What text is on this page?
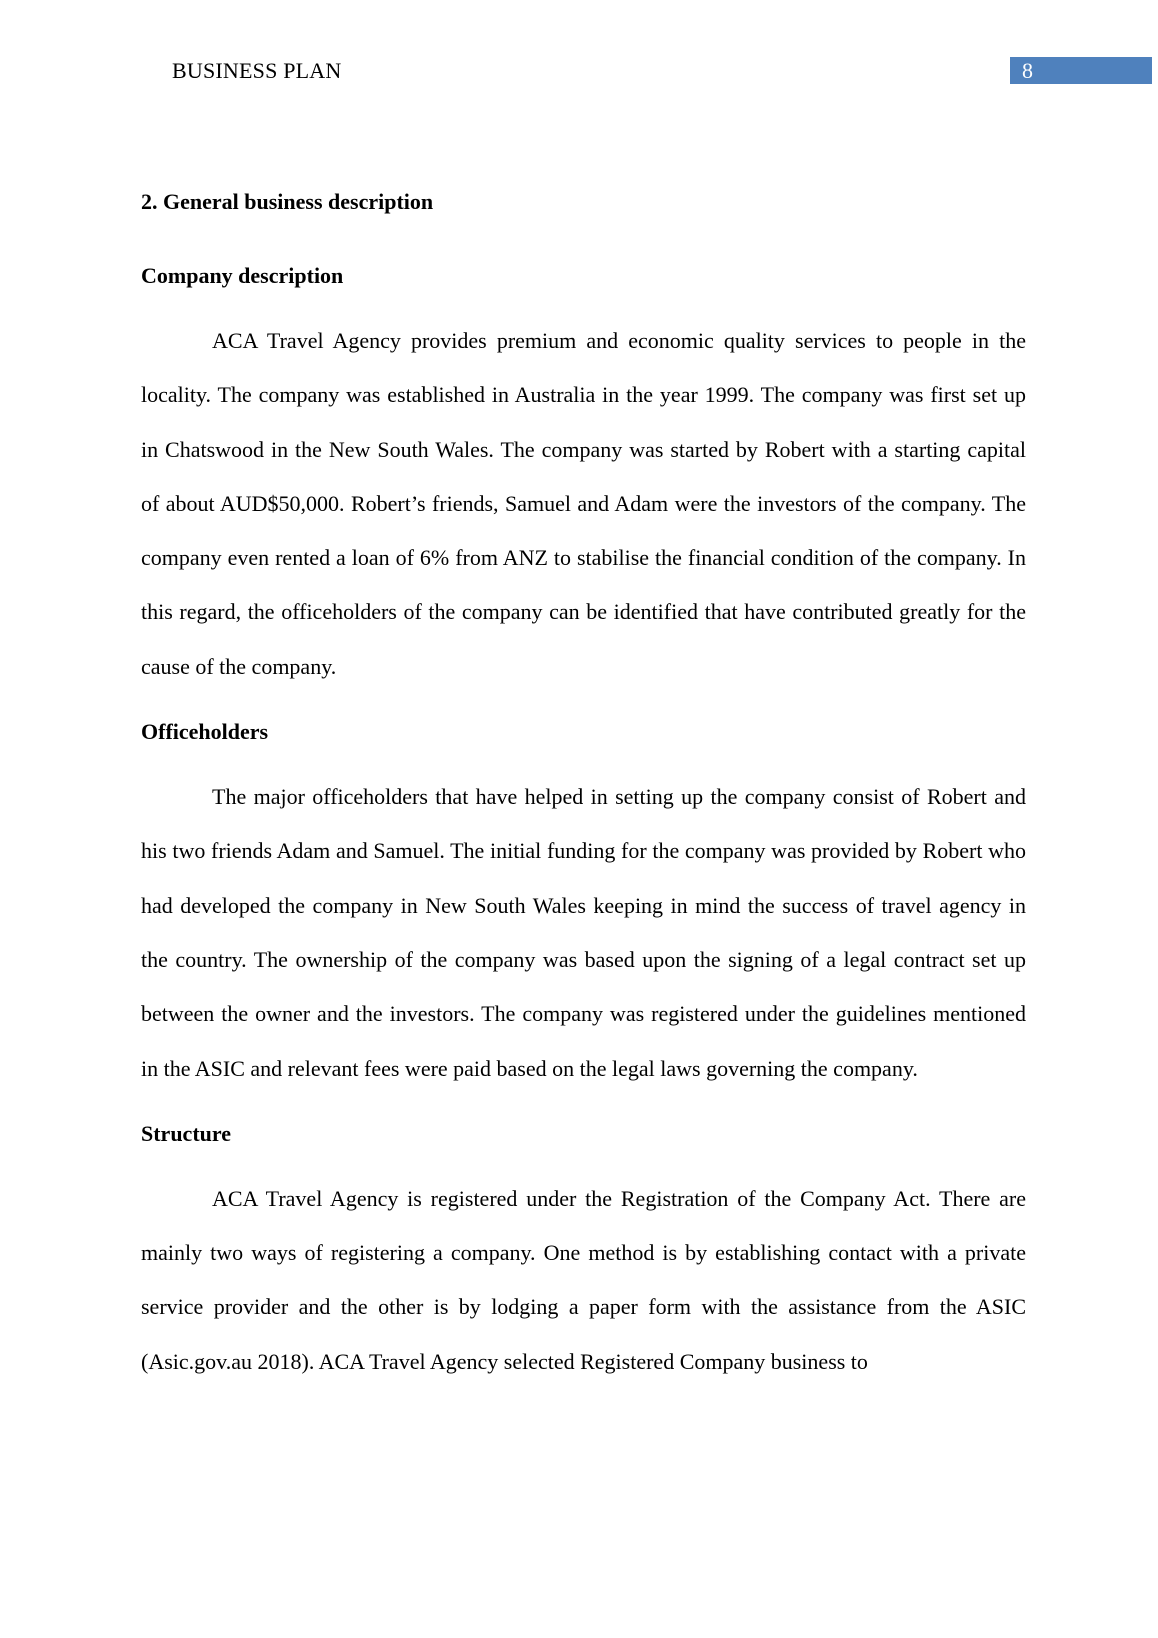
BUSINESS PLAN	8
2. General business description
Company description

ACA Travel Agency provides premium and economic quality services to people in the locality. The company was established in Australia in the year 1999. The company was first set up in Chatswood in the New South Wales. The company was started by Robert with a starting capital of about AUD$50,000. Robert’s friends, Samuel and Adam were the investors of the company. The company even rented a loan of 6% from ANZ to stabilise the financial condition of the company. In this regard, the officeholders of the company can be identified that have contributed greatly for the cause of the company.

Officeholders

The major officeholders that have helped in setting up the company consist of Robert and his two friends Adam and Samuel. The initial funding for the company was provided by Robert who had developed the company in New South Wales keeping in mind the success of travel agency in the country. The ownership of the company was based upon the signing of a legal contract set up between the owner and the investors. The company was registered under the guidelines mentioned in the ASIC and relevant fees were paid based on the legal laws governing the company.

Structure

ACA Travel Agency is registered under the Registration of the Company Act. There are mainly two ways of registering a company. One method is by establishing contact with a private service provider and the other is by lodging a paper form with the assistance from the ASIC (Asic.gov.au 2018). ACA Travel Agency selected Registered Company business to
